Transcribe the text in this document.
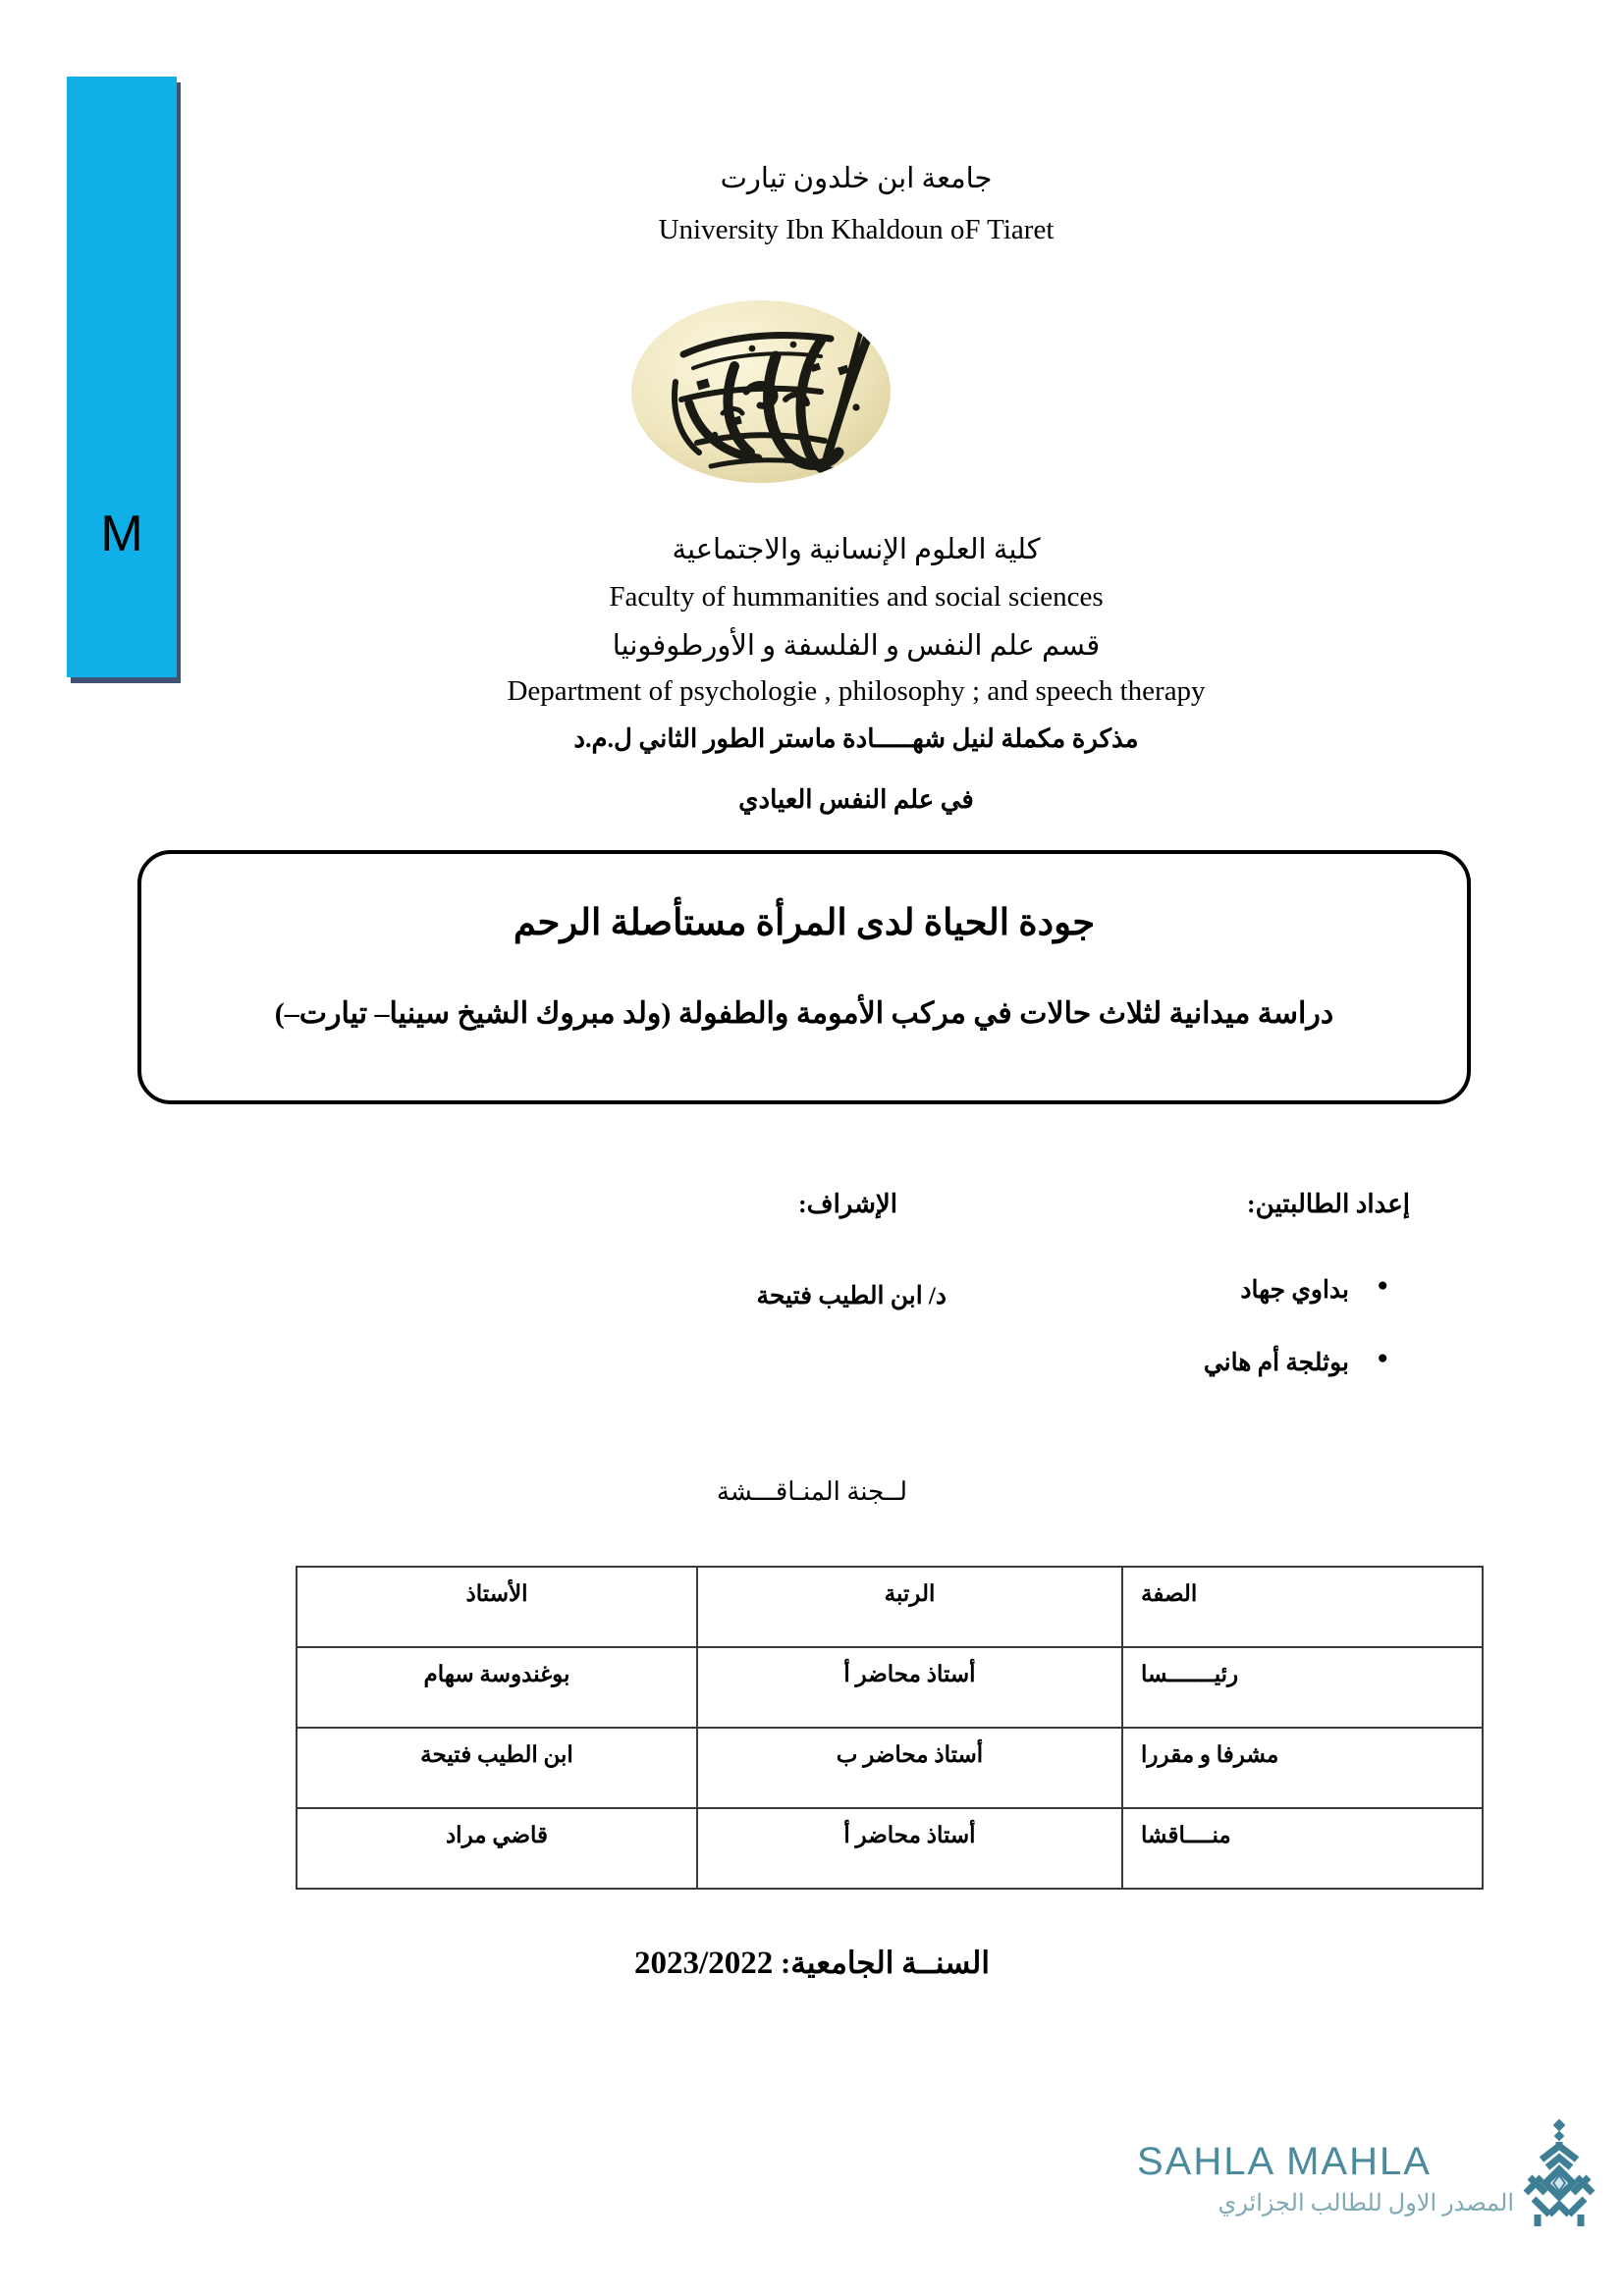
M
جامعة ابن خلدون تيارت
University Ibn Khaldoun oF Tiaret
كلية العلوم الإنسانية والاجتماعية
Faculty of hummanities and social sciences
قسم علم النفس و الفلسفة و الأورطوفونيا
Department of psychologie , philosophy ; and speech therapy
مذكرة مكملة لنيل شهـــــادة ماستر الطور الثاني ل.م.د
في علم النفس العيادي
جودة الحياة لدى المرأة مستأصلة الرحم
دراسة ميدانية لثلاث حالات في مركب الأمومة والطفولة (ولد مبروك الشيخ سينيا– تيارت–)
إعداد الطالبتين:
الإشراف:
● بداوي جهاد
● بوثلجة أم هاني
د/ ابن الطيب فتيحة
لــجنة المنـاقـــشة
الصفة	الرتبة	الأستاذ
رئيـــــــسا	أستاذ محاضر أ	بوغندوسة سهام
مشرفا و مقررا	أستاذ محاضر ب	ابن الطيب فتيحة
منــــاقشا	أستاذ محاضر أ	قاضي مراد
السنــة الجامعية: 2023/2022
SAHLA MAHLA
المصدر الاول للطالب الجزائري
